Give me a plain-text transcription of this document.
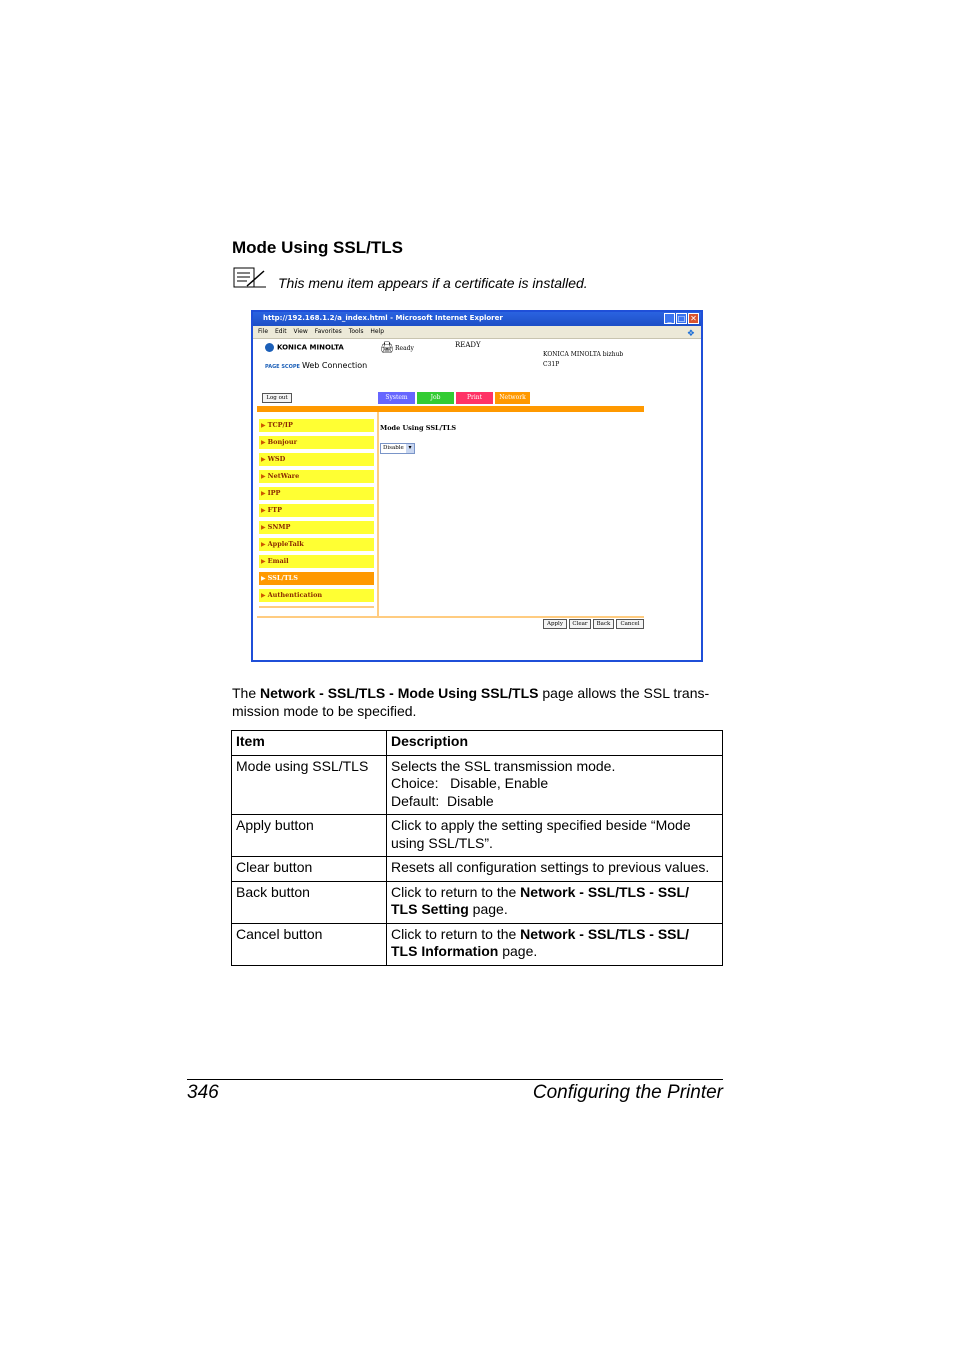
Mode Using SSL/TLS
This menu item appears if a certificate is installed.
http://192.168.1.2/a_index.html - Microsoft Internet Explorer	_ □ ✕
File Edit View Favorites Tools Help	❖
KONICA MINOLTA
PAGE SCOPE Web Connection
🖨 Ready	READY
KONICA MINOLTA bizhub
C31P
Log out	System	Job	Print	Network
▶ TCP/IP
▶ Bonjour
▶ WSD
▶ NetWare
▶ IPP
▶ FTP
▶ SNMP
▶ AppleTalk
▶ Email
▶ SSL/TLS
▶ Authentication
Mode Using SSL/TLS
Disable ▾
Apply	Clear	Back	Cancel
The Network - SSL/TLS - Mode Using SSL/TLS page allows the SSL trans-mission mode to be specified.
Item	Description
Mode using SSL/TLS	Selects the SSL transmission mode.
Choice:   Disable, Enable
Default:  Disable

Apply button	Click to apply the setting specified beside “Mode using SSL/TLS”.
Clear button	Resets all configuration settings to previous values.
Back button	Click to return to the Network - SSL/TLS - SSL/ TLS Setting page.
Cancel button	Click to return to the Network - SSL/TLS - SSL/ TLS Information page.
346	Configuring the Printer
